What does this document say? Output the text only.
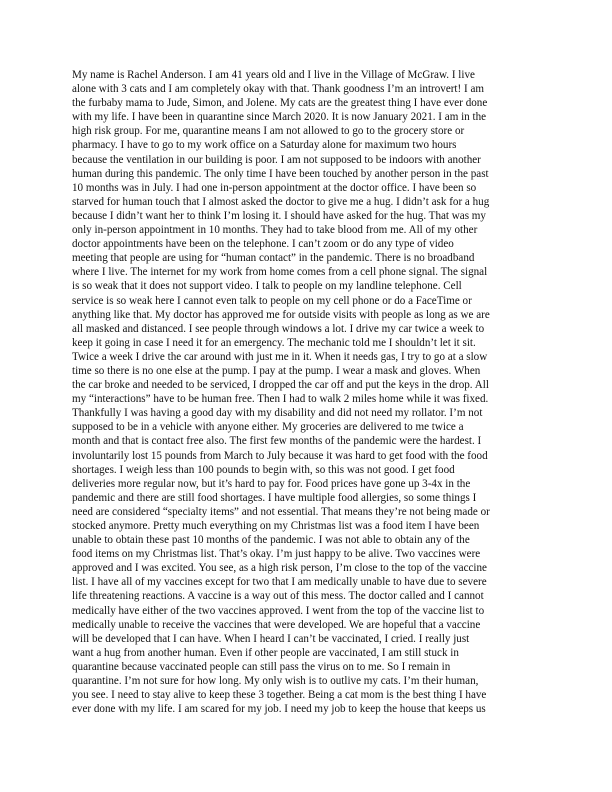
My name is Rachel Anderson. I am 41 years old and I live in the Village of McGraw. I live
alone with 3 cats and I am completely okay with that. Thank goodness I’m an introvert! I am
the furbaby mama to Jude, Simon, and Jolene. My cats are the greatest thing I have ever done
with my life. I have been in quarantine since March 2020. It is now January 2021. I am in the
high risk group. For me, quarantine means I am not allowed to go to the grocery store or
pharmacy. I have to go to my work office on a Saturday alone for maximum two hours
because the ventilation in our building is poor. I am not supposed to be indoors with another
human during this pandemic. The only time I have been touched by another person in the past
10 months was in July. I had one in-person appointment at the doctor office. I have been so
starved for human touch that I almost asked the doctor to give me a hug. I didn’t ask for a hug
because I didn’t want her to think I’m losing it. I should have asked for the hug. That was my
only in-person appointment in 10 months. They had to take blood from me. All of my other
doctor appointments have been on the telephone. I can’t zoom or do any type of video
meeting that people are using for “human contact” in the pandemic. There is no broadband
where I live. The internet for my work from home comes from a cell phone signal. The signal
is so weak that it does not support video. I talk to people on my landline telephone. Cell
service is so weak here I cannot even talk to people on my cell phone or do a FaceTime or
anything like that. My doctor has approved me for outside visits with people as long as we are
all masked and distanced. I see people through windows a lot. I drive my car twice a week to
keep it going in case I need it for an emergency. The mechanic told me I shouldn’t let it sit.
Twice a week I drive the car around with just me in it. When it needs gas, I try to go at a slow
time so there is no one else at the pump. I pay at the pump. I wear a mask and gloves. When
the car broke and needed to be serviced, I dropped the car off and put the keys in the drop. All
my “interactions” have to be human free. Then I had to walk 2 miles home while it was fixed.
Thankfully I was having a good day with my disability and did not need my rollator. I’m not
supposed to be in a vehicle with anyone either. My groceries are delivered to me twice a
month and that is contact free also. The first few months of the pandemic were the hardest. I
involuntarily lost 15 pounds from March to July because it was hard to get food with the food
shortages. I weigh less than 100 pounds to begin with, so this was not good. I get food
deliveries more regular now, but it’s hard to pay for. Food prices have gone up 3-4x in the
pandemic and there are still food shortages. I have multiple food allergies, so some things I
need are considered “specialty items” and not essential. That means they’re not being made or
stocked anymore. Pretty much everything on my Christmas list was a food item I have been
unable to obtain these past 10 months of the pandemic. I was not able to obtain any of the
food items on my Christmas list. That’s okay. I’m just happy to be alive. Two vaccines were
approved and I was excited. You see, as a high risk person, I’m close to the top of the vaccine
list. I have all of my vaccines except for two that I am medically unable to have due to severe
life threatening reactions. A vaccine is a way out of this mess. The doctor called and I cannot
medically have either of the two vaccines approved. I went from the top of the vaccine list to
medically unable to receive the vaccines that were developed. We are hopeful that a vaccine
will be developed that I can have. When I heard I can’t be vaccinated, I cried. I really just
want a hug from another human. Even if other people are vaccinated, I am still stuck in
quarantine because vaccinated people can still pass the virus on to me. So I remain in
quarantine. I’m not sure for how long. My only wish is to outlive my cats. I’m their human,
you see. I need to stay alive to keep these 3 together. Being a cat mom is the best thing I have
ever done with my life. I am scared for my job. I need my job to keep the house that keeps us
